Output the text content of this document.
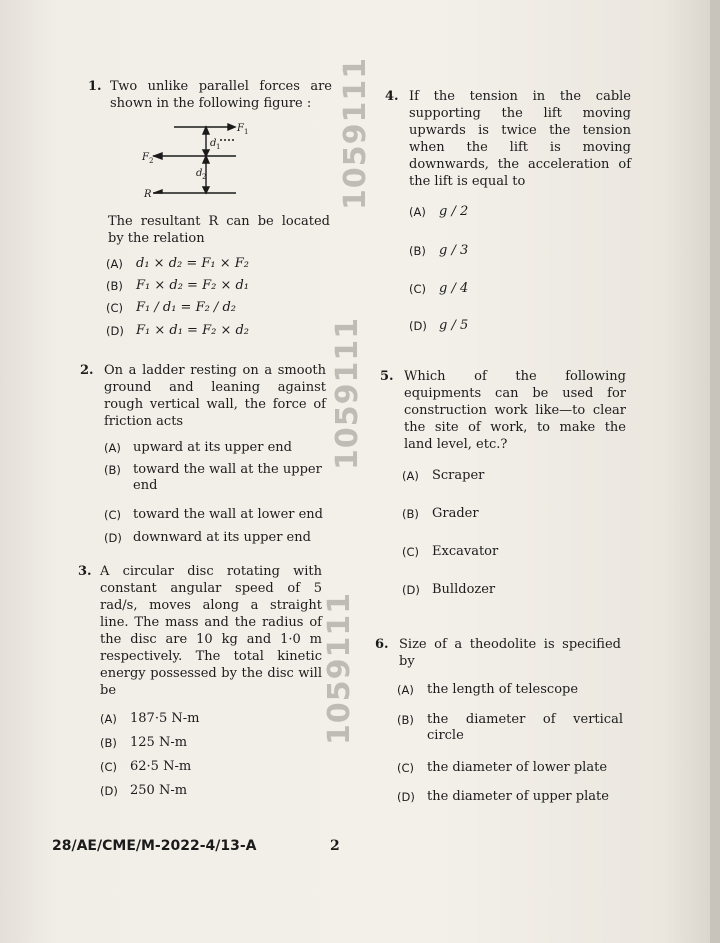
1059111
1059111
1059111
1. Two unlike parallel forces are shown in the following figure :
F 1
F 2
R
d 1
d 2
The resultant R can be located by the relation
(A) d₁ × d₂ = F₁ × F₂
(B) F₁ × d₂ = F₂ × d₁
(C) F₁ / d₁ = F₂ / d₂
(D) F₁ × d₁ = F₂ × d₂
2. On a ladder resting on a smooth ground and leaning against rough vertical wall, the force of friction acts
(A) upward at its upper end
(B) toward the wall at the upper end
(C) toward the wall at lower end
(D) downward at its upper end
3. A circular disc rotating with constant angular speed of 5 rad/s, moves along a straight line. The mass and the radius of the disc are 10 kg and 1·0 m respectively. The total kinetic energy possessed by the disc will be
(A) 187·5 N-m
(B) 125 N-m
(C) 62·5 N-m
(D) 250 N-m
4. If the tension in the cable supporting the lift moving upwards is twice the tension when the lift is moving downwards, the acceleration of the lift is equal to
(A) g / 2
(B) g / 3
(C) g / 4
(D) g / 5
5. Which of the following equipments can be used for construction work like—to clear the site of work, to make the land level, etc.?
(A) Scraper
(B) Grader
(C) Excavator
(D) Bulldozer
6. Size of a theodolite is specified by
(A) the length of telescope
(B) the diameter of vertical circle
(C) the diameter of lower plate
(D) the diameter of upper plate
28/AE/CME/M-2022-4/13-A	2
